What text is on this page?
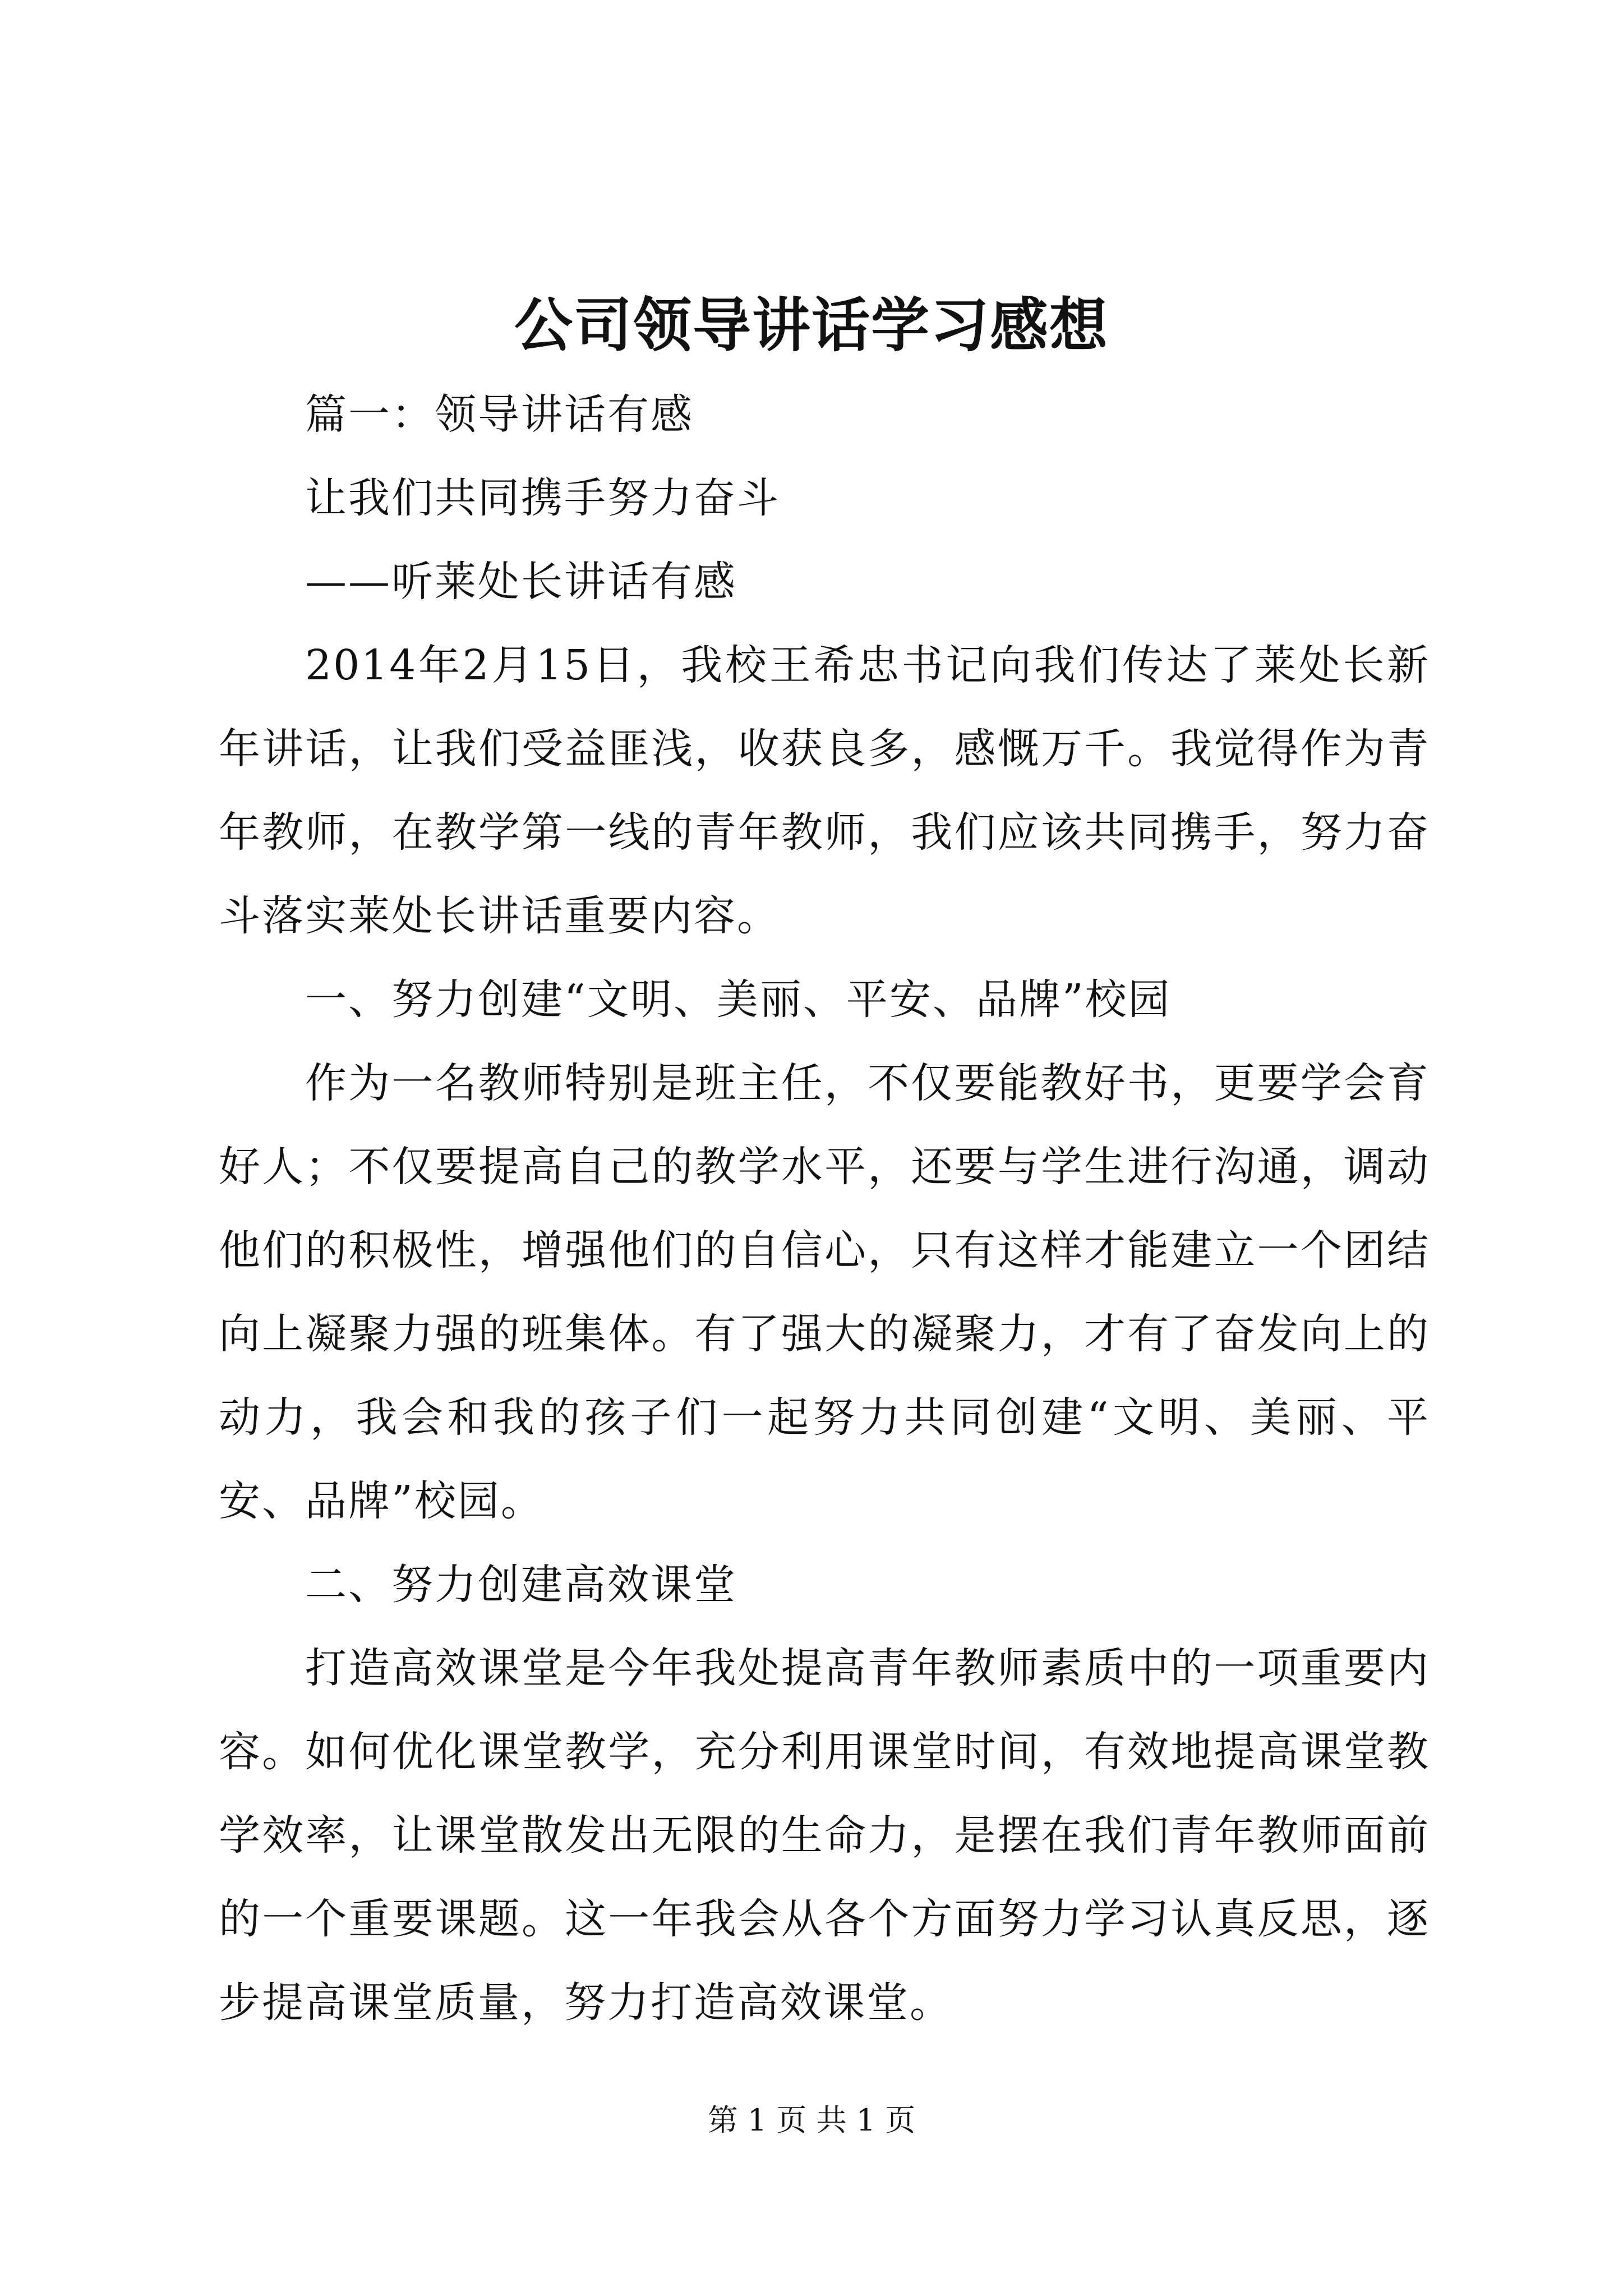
公司领导讲话学习感想

篇一：领导讲话有感

让我们共同携手努力奋斗

——听莱处长讲话有感

2014年2月15日，我校王希忠书记向我们传达了莱处长新年讲话，让我们受益匪浅，收获良多，感慨万千。我觉得作为青年教师，在教学第一线的青年教师，我们应该共同携手，努力奋斗落实莱处长讲话重要内容。

一、努力创建“文明、美丽、平安、品牌”校园

作为一名教师特别是班主任，不仅要能教好书，更要学会育好人；不仅要提高自己的教学水平，还要与学生进行沟通，调动他们的积极性，增强他们的自信心，只有这样才能建立一个团结向上凝聚力强的班集体。有了强大的凝聚力，才有了奋发向上的动力，我会和我的孩子们一起努力共同创建“文明、美丽、平安、品牌”校园。

二、努力创建高效课堂

打造高效课堂是今年我处提高青年教师素质中的一项重要内容。如何优化课堂教学，充分利用课堂时间，有效地提高课堂教学效率，让课堂散发出无限的生命力，是摆在我们青年教师面前的一个重要课题。这一年我会从各个方面努力学习认真反思，逐步提高课堂质量，努力打造高效课堂。

第 1 页 共 1 页
